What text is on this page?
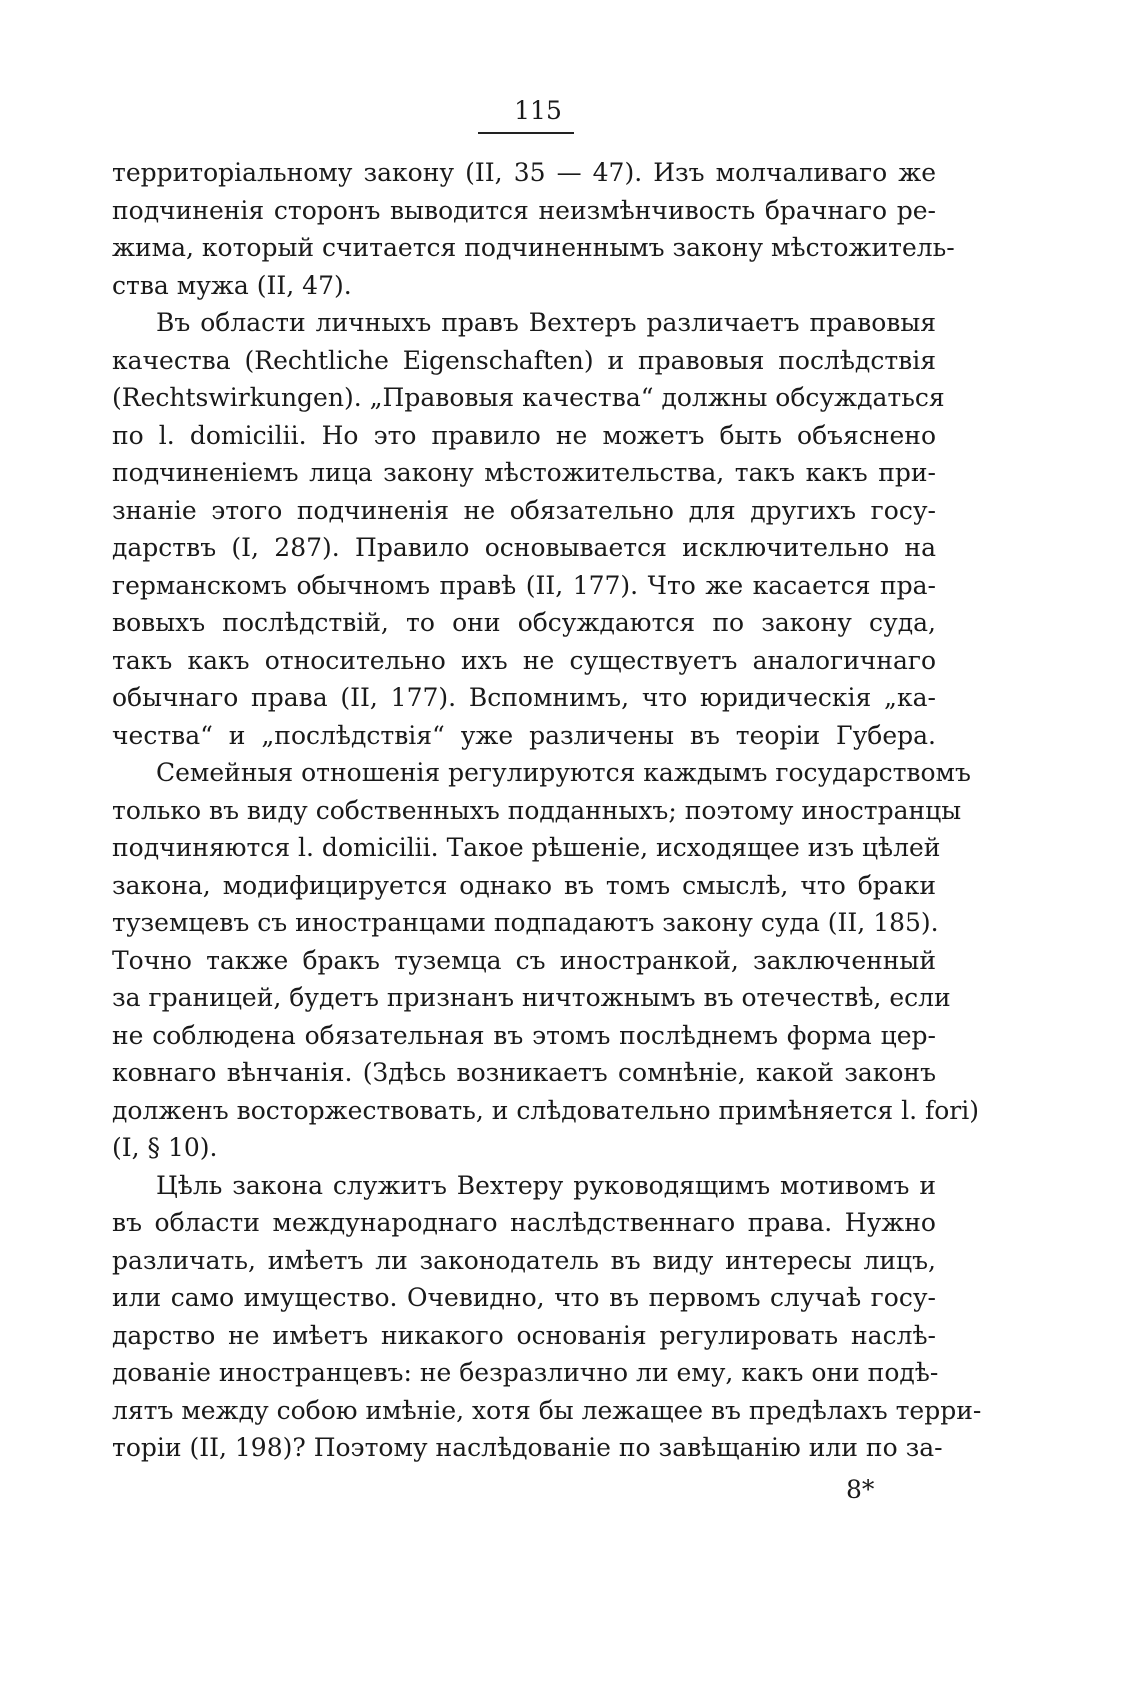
115
территоріальному закону (II, 35 — 47). Изъ молчаливаго же
подчиненія сторонъ выводится неизмѣнчивость брачнаго ре-
жима, который считается подчиненнымъ закону мѣстожитель-
ства мужа (II, 47).
Въ области личныхъ правъ Вехтеръ различаетъ правовыя
качества (Rechtliche Eigenschaften) и правовыя послѣдствія
(Rechtswirkungen). „Правовыя качества“ должны обсуждаться
по l. domicilii. Но это правило не можетъ быть объяснено
подчиненіемъ лица закону мѣстожительства, такъ какъ при-
знаніе этого подчиненія не обязательно для другихъ госу-
дарствъ (I, 287). Правило основывается исключительно на
германскомъ обычномъ правѣ (II, 177). Что же касается пра-
вовыхъ послѣдствій, то они обсуждаются по закону суда,
такъ какъ относительно ихъ не существуетъ аналогичнаго
обычнаго права (II, 177). Вспомнимъ, что юридическія „ка-
чества“ и „послѣдствія“ уже различены въ теоріи Губера.
Семейныя отношенія регулируются каждымъ государствомъ
только въ виду собственныхъ подданныхъ; поэтому иностранцы
подчиняются l. domicilii. Такое рѣшеніе, исходящее изъ цѣлей
закона, модифицируется однако въ томъ смыслѣ, что браки
туземцевъ съ иностранцами подпадаютъ закону суда (II, 185).
Точно также бракъ туземца съ иностранкой, заключенный
за границей, будетъ признанъ ничтожнымъ въ отечествѣ, если
не соблюдена обязательная въ этомъ послѣднемъ форма цер-
ковнаго вѣнчанія. (Здѣсь возникаетъ сомнѣніе, какой законъ
долженъ восторжествовать, и слѣдовательно примѣняется l. fori)
(I, § 10).
Цѣль закона служитъ Вехтеру руководящимъ мотивомъ и
въ области международнаго наслѣдственнаго права. Нужно
различать, имѣетъ ли законодатель въ виду интересы лицъ,
или само имущество. Очевидно, что въ первомъ случаѣ госу-
дарство не имѣетъ никакого основанія регулировать наслѣ-
дованіе иностранцевъ: не безразлично ли ему, какъ они подѣ-
лятъ между собою имѣніе, хотя бы лежащее въ предѣлахъ терри-
торіи (II, 198)? Поэтому наслѣдованіе по завѣщанію или по за-
8*
